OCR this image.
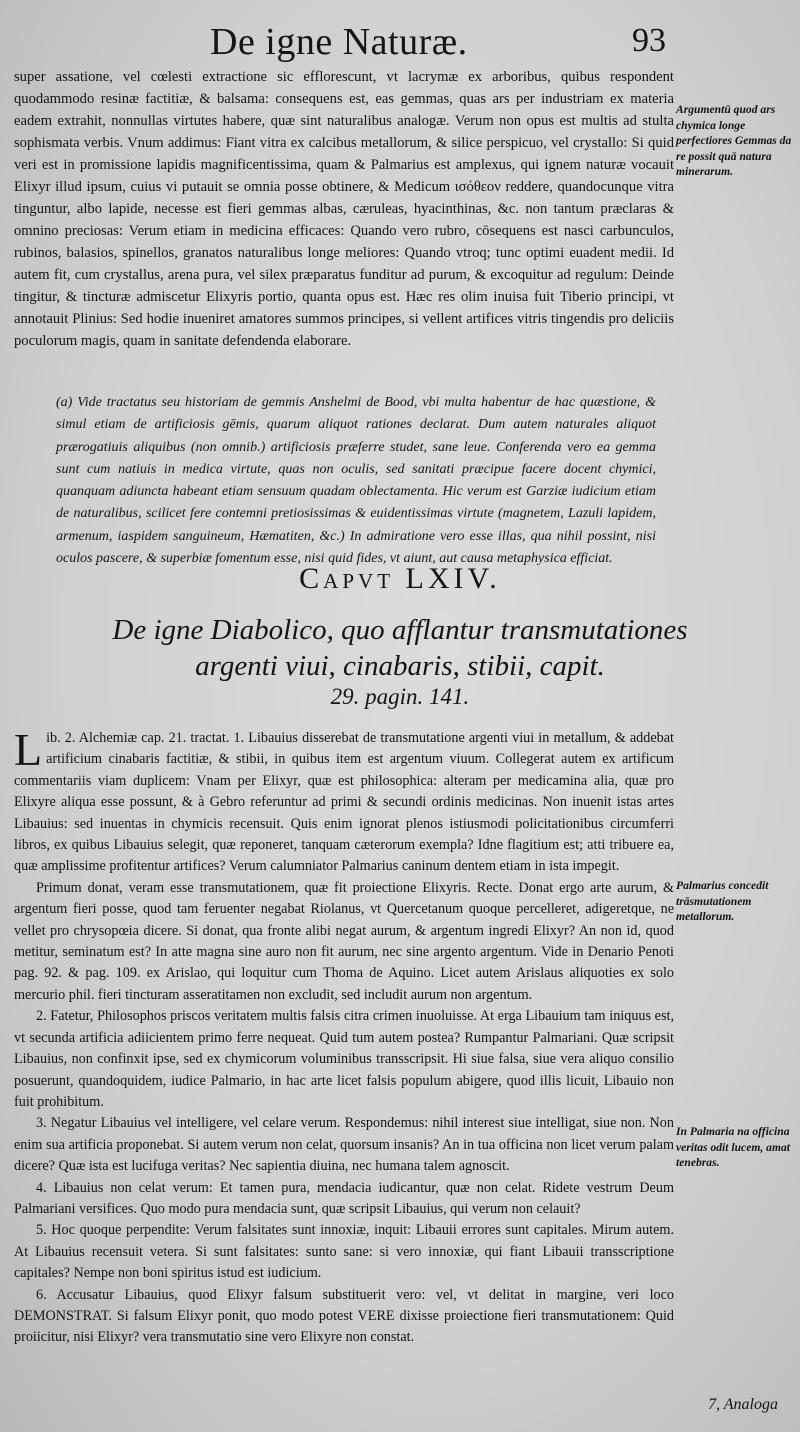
De igne Naturæ.	93
super assatione, vel cœlesti extractione sic efflorescunt, vt lacrymæ ex arboribus, quibus respondent quodammodo resinæ factitiæ, & balsama: consequens est, eas gemmas, quas ars per industriam ex materia eadem extrahit, nonnullas virtutes habere, quæ sint naturalibus analogæ. Verum non opus est multis ad stulta sophismata verbis. Vnum addimus: Fiant vitra ex calcibus metallorum, & silice perspicuo, vel crystallo: Si quid veri est in promissione lapidis magnificentissima, quam & Palmarius est amplexus, qui ignem naturæ vocauit Elixyr illud ipsum, cuius vi putauit se omnia posse obtinere, & Medicum ισόθεον reddere, quandocunque vitra tinguntur, albo lapide, necesse est fieri gemmas albas, cæruleas, hyacinthinas, &c. non tantum præclaras & omnino preciosas: Verum etiam in medicina efficaces: Quando vero rubro, cōsequens est nasci carbunculos, rubinos, balasios, spinellos, granatos naturalibus longe meliores: Quando vtroq; tunc optimi euadent medii. Id autem fit, cum crystallus, arena pura, vel silex præparatus funditur ad purum, & excoquitur ad regulum: Deinde tingitur, & tincturæ admiscetur Elixyris portio, quanta opus est. Hæc res olim inuisa fuit Tiberio principi, vt annotauit Plinius: Sed hodie inueniret amatores summos principes, si vellent artifices vitris tingendis pro deliciis poculorum magis, quam in sanitate defendenda elaborare.
Argumentū quod ars chymica longe perfectiores Gemmas da re possit quā natura minerarum.
(a) Vide tractatus seu historiam de gemmis Anshelmi de Bood, vbi multa habentur de hac quæstione, & simul etiam de artificiosis gēmis, quarum aliquot rationes declarat. Dum autem naturales aliquot prærogatiuis aliquibus (non omnib.) artificiosis præferre studet, sane leue. Conferenda vero ea gemma sunt cum natiuis in medica virtute, quas non oculis, sed sanitati præcipue facere docent chymici, quanquam adiuncta habeant etiam sensuum quadam oblectamenta. Hic verum est Garziæ iudicium etiam de naturalibus, scilicet fere contemni pretiosissimas & euidentissimas virtute (magnetem, Lazuli lapidem, armenum, iaspidem sanguineum, Hæmatiten, &c.) In admiratione vero esse illas, qua nihil possint, nisi oculos pascere, & superbiæ fomentum esse, nisi quid fides, vt aiunt, aut causa metaphysica efficiat.
Capvt LXIV.
De igne Diabolico, quo afflantur transmutationes argenti viui, cinabaris, stibii, capit.
29. pagin. 141.

Lib. 2. Alchemiæ cap. 21. tractat. 1. Libauius disserebat de transmutatione argenti viui in metallum, & addebat artificium cinabaris factitiæ, & stibii, in quibus item est argentum viuum. Collegerat autem ex artificum commentariis viam duplicem: Vnam per Elixyr, quæ est philosophica: alteram per medicamina alia, quæ pro Elixyre aliqua esse possunt, & à Gebro referuntur ad primi & secundi ordinis medicinas. Non inuenit istas artes Libauius: sed inuentas in chymicis recensuit. Quis enim ignorat plenos istiusmodi policitationibus circumferri libros, ex quibus Libauius selegit, quæ reponeret, tanquam cæterorum exempla? Idne flagitium est; atti tribuere ea, quæ amplissime profitentur artifices? Verum calumniator Palmarius caninum dentem etiam in ista impegit.

Primum donat, veram esse transmutationem, quæ fit proiectione Elixyris. Recte. Donat ergo arte aurum, & argentum fieri posse, quod tam feruenter negabat Riolanus, vt Quercetanum quoque percelleret, adigeretque, ne vellet pro chrysopœia dicere. Si donat, qua fronte alibi negat aurum, & argentum ingredi Elixyr? An non id, quod metitur, seminatum est? In atte magna sine auro non fit aurum, nec sine argento argentum. Vide in Denario Penoti pag. 92. & pag. 109. ex Arislao, qui loquitur cum Thoma de Aquino. Licet autem Arislaus aliquoties ex solo mercurio phil. fieri tincturam asseratitamen non excludit, sed includit aurum non argentum.

2. Fatetur, Philosophos priscos veritatem multis falsis citra crimen inuoluisse. At erga Libauium tam iniquus est, vt secunda artificia adiicientem primo ferre nequeat. Quid tum autem postea? Rumpantur Palmariani. Quæ scripsit Libauius, non confinxit ipse, sed ex chymicorum voluminibus transscripsit. Hi siue falsa, siue vera aliquo consilio posuerunt, quandoquidem, iudice Palmario, in hac arte licet falsis populum abigere, quod illis licuit, Libauio non fuit prohibitum.

3. Negatur Libauius vel intelligere, vel celare verum. Respondemus: nihil interest siue intelligat, siue non. Non enim sua artificia proponebat. Si autem verum non celat, quorsum insanis? An in tua officina non licet verum palam dicere? Quæ ista est lucifuga veritas? Nec sapientia diuina, nec humana talem agnoscit.

4. Libauius non celat verum: Et tamen pura, mendacia iudicantur, quæ non celat. Ridete vestrum Deum Palmariani versifices. Quo modo pura mendacia sunt, quæ scripsit Libauius, qui verum non celauit?

5. Hoc quoque perpendite: Verum falsitates sunt innoxiæ, inquit: Libauii errores sunt capitales. Mirum autem. At Libauius recensuit vetera. Si sunt falsitates: sunto sane: si vero innoxiæ, qui fiant Libauii transscriptione capitales? Nempe non boni spiritus istud est iudicium.

6. Accusatur Libauius, quod Elixyr falsum substituerit vero: vel, vt delitat in margine, veri loco DEMONSTRAT. Si falsum Elixyr ponit, quo modo potest VERE dixisse proiectione fieri transmutationem: Quid proiicitur, nisi Elixyr? vera transmutatio sine vero Elixyre non constat.

Palmarius concedit trāsmutationem metallorum.
In Palmaria na officina veritas odit lucem, amat tenebras.
7, Analoga
